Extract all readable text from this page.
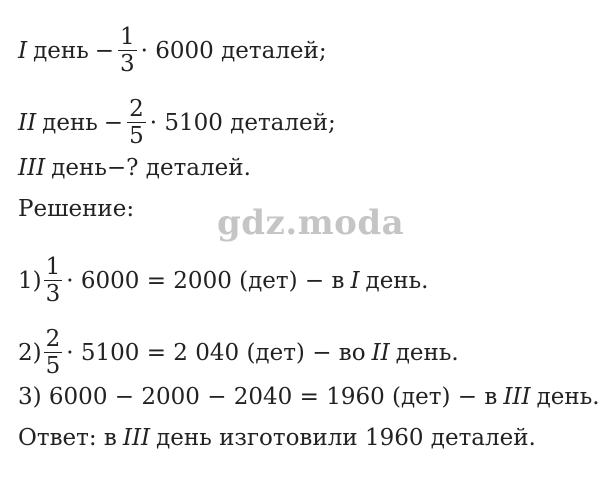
I день − $\frac{1}{3} \cdot 6000$ деталей;
II день − $\frac{2}{5} \cdot 5100$ деталей;
III день−? деталей.
Решение: gdz.moda
$1) \frac{1}{3} \cdot 6000 = 2000$ (дет) − в I день.
$2) \frac{2}{5} \cdot 5100 = 2$ 040 (дет) − во II день.
3) 6000 − 2000 − 2040 = 1960 (дет) − в III день.
Ответ: в III день изготовили 1960 деталей.
